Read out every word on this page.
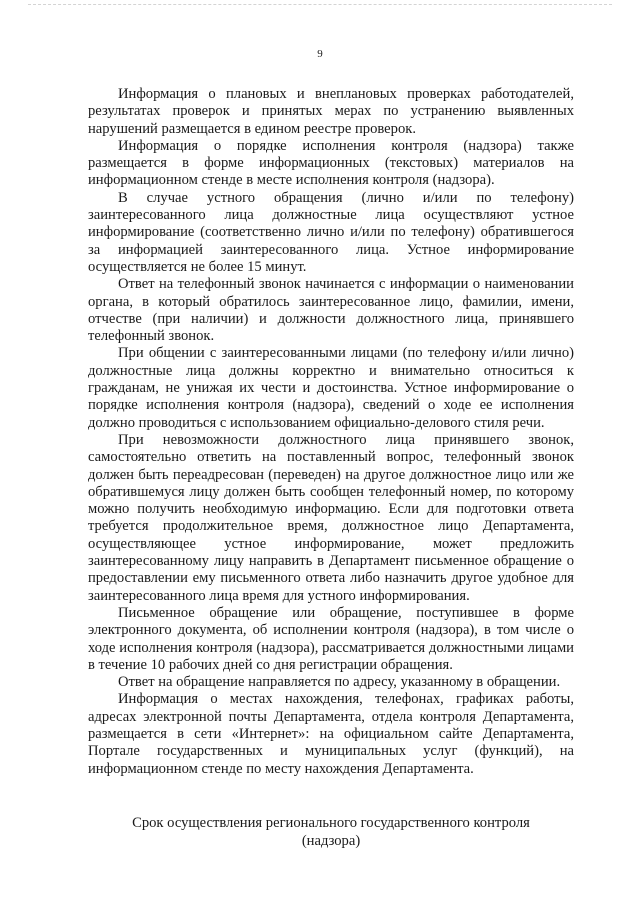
9

Информация о плановых и внеплановых проверках работодателей, результатах проверок и принятых мерах по устранению выявленных нарушений размещается в едином реестре проверок.

Информация о порядке исполнения контроля (надзора) также размещается в форме информационных (текстовых) материалов на информационном стенде в месте исполнения контроля (надзора).

В случае устного обращения (лично и/или по телефону) заинтересованного лица должностные лица осуществляют устное информирование (соответственно лично и/или по телефону) обратившегося за информацией заинтересованного лица. Устное информирование осуществляется не более 15 минут.

Ответ на телефонный звонок начинается с информации о наименовании органа, в который обратилось заинтересованное лицо, фамилии, имени, отчестве (при наличии) и должности должностного лица, принявшего телефонный звонок.

При общении с заинтересованными лицами (по телефону и/или лично) должностные лица должны корректно и внимательно относиться к гражданам, не унижая их чести и достоинства. Устное информирование о порядке исполнения контроля (надзора), сведений о ходе ее исполнения должно проводиться с использованием официально-делового стиля речи.

При невозможности должностного лица принявшего звонок, самостоятельно ответить на поставленный вопрос, телефонный звонок должен быть переадресован (переведен) на другое должностное лицо или же обратившемуся лицу должен быть сообщен телефонный номер, по которому можно получить необходимую информацию. Если для подготовки ответа требуется продолжительное время, должностное лицо Департамента, осуществляющее устное информирование, может предложить заинтересованному лицу направить в Департамент письменное обращение о предоставлении ему письменного ответа либо назначить другое удобное для заинтересованного лица время для устного информирования.

Письменное обращение или обращение, поступившее в форме электронного документа, об исполнении контроля (надзора), в том числе о ходе исполнения контроля (надзора), рассматривается должностными лицами в течение 10 рабочих дней со дня регистрации обращения.

Ответ на обращение направляется по адресу, указанному в обращении.

Информация о местах нахождения, телефонах, графиках работы, адресах электронной почты Департамента, отдела контроля Департамента, размещается в сети «Интернет»: на официальном сайте Департамента, Портале государственных и муниципальных услуг (функций), на информационном стенде по месту нахождения Департамента.

Срок осуществления регионального государственного контроля
(надзора)
